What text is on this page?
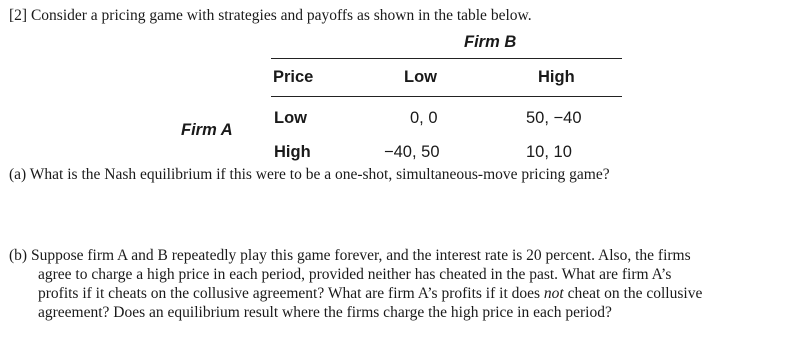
[2] Consider a pricing game with strategies and payoffs as shown in the table below.
Firm B
Price	Low	High
Firm A
Low	0, 0	50, −40
High	−40, 50	10, 10
(a) What is the Nash equilibrium if this were to be a one-shot, simultaneous-move pricing game?
(b) Suppose firm A and B repeatedly play this game forever, and the interest rate is 20 percent. Also, the firms
agree to charge a high price in each period, provided neither has cheated in the past. What are firm A’s
profits if it cheats on the collusive agreement? What are firm A’s profits if it does not cheat on the collusive
agreement? Does an equilibrium result where the firms charge the high price in each period?
